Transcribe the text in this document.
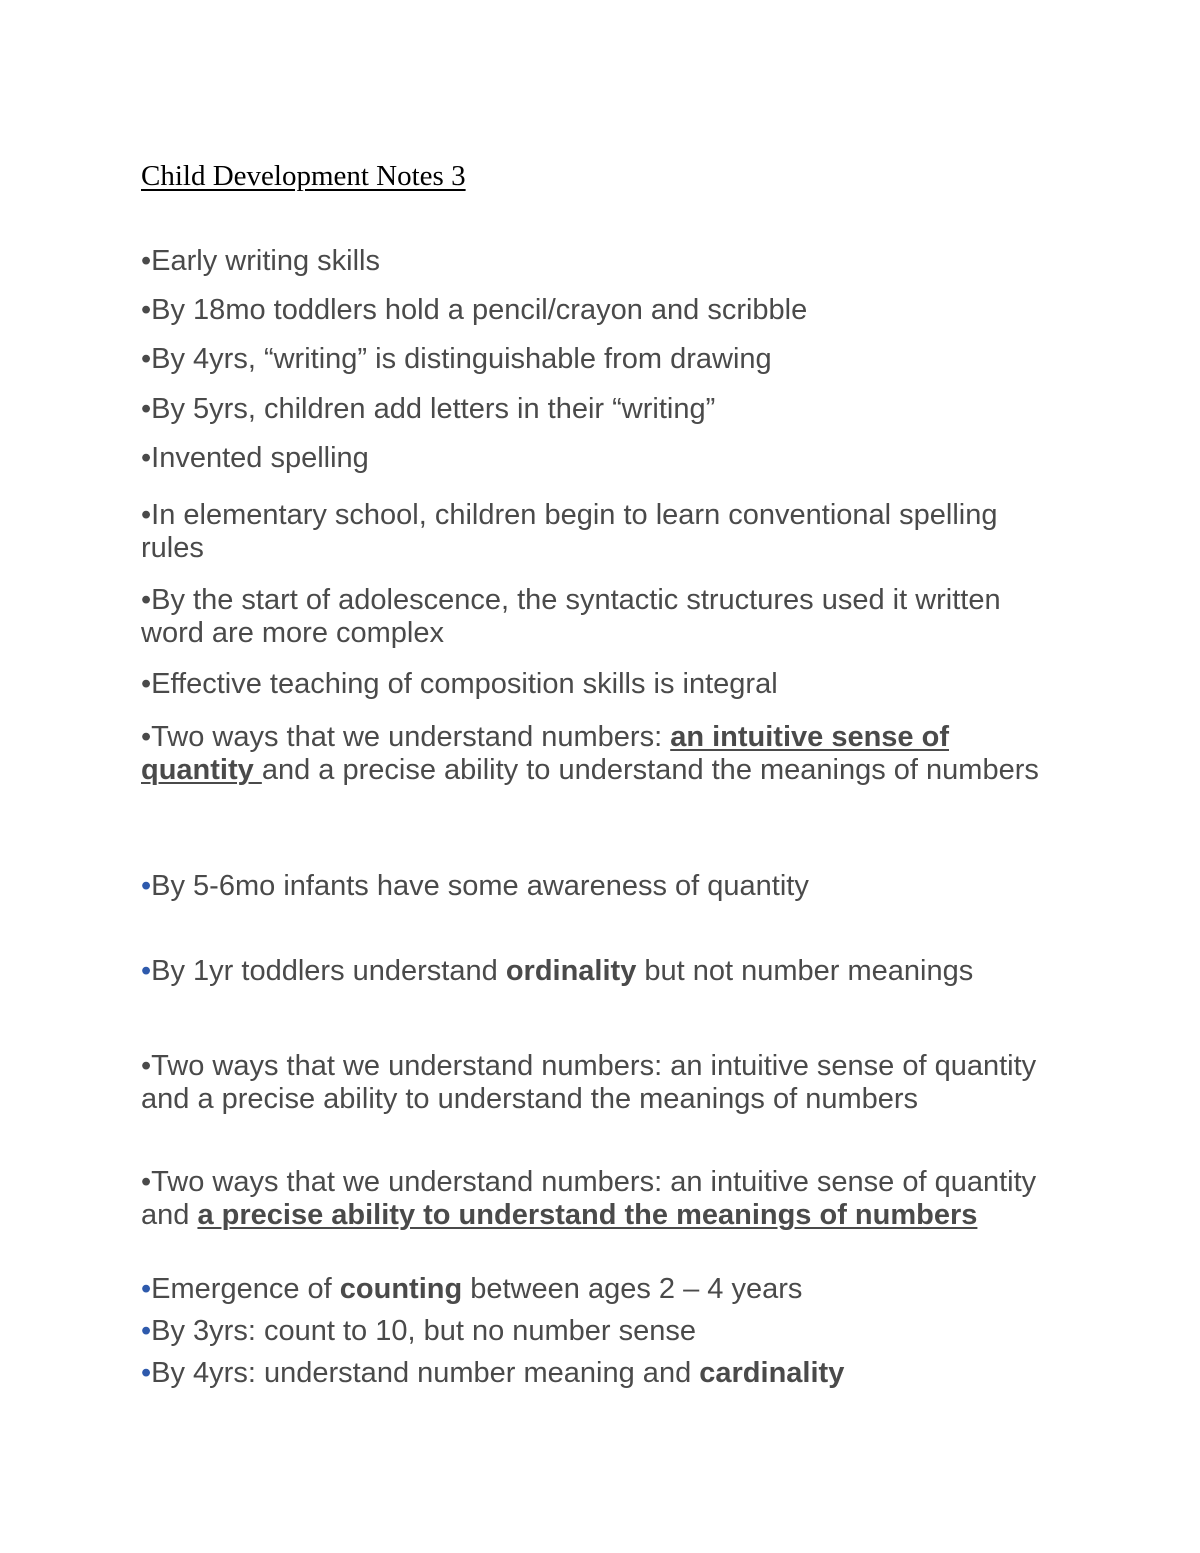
Child Development Notes 3

•Early writing skills

•By 18mo toddlers hold a pencil/crayon and scribble

•By 4yrs, “writing” is distinguishable from drawing

•By 5yrs, children add letters in their “writing”

•Invented spelling

•In elementary school, children begin to learn conventional spelling rules

•By the start of adolescence, the syntactic structures used it written word are more complex

•Effective teaching of composition skills is integral

•Two ways that we understand numbers: an intuitive sense of quantity and a precise ability to understand the meanings of numbers

•By 5-6mo infants have some awareness of quantity

•By 1yr toddlers understand ordinality but not number meanings

•Two ways that we understand numbers: an intuitive sense of quantity and a precise ability to understand the meanings of numbers

•Two ways that we understand numbers: an intuitive sense of quantity and a precise ability to understand the meanings of numbers

•Emergence of counting between ages 2 – 4 years

•By 3yrs: count to 10, but no number sense

•By 4yrs: understand number meaning and cardinality
